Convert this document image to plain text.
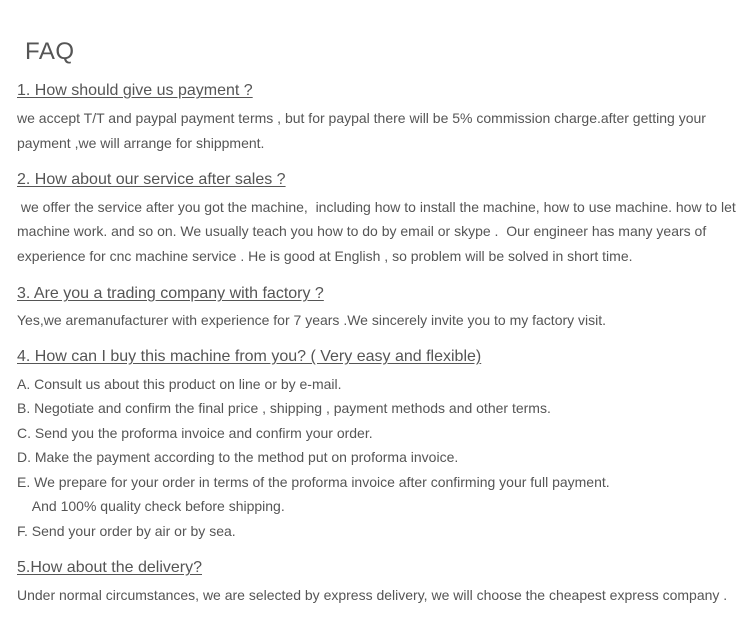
FAQ
1. How should give us payment ?
we accept T/T and paypal payment terms , but for paypal there will be 5% commission charge.after getting your
payment ,we will arrange for shippment.
2. How about our service after sales ?
we offer the service after you got the machine,  including how to install the machine, how to use machine. how to let
machine work. and so on. We usually teach you how to do by email or skype .  Our engineer has many years of
experience for cnc machine service . He is good at English , so problem will be solved in short time.
3. Are you a trading company with factory ?
Yes,we aremanufacturer with experience for 7 years .We sincerely invite you to my factory visit.
4. How can I buy this machine from you? ( Very easy and flexible)
A. Consult us about this product on line or by e-mail.
B. Negotiate and confirm the final price , shipping , payment methods and other terms.
C. Send you the proforma invoice and confirm your order.
D. Make the payment according to the method put on proforma invoice.
E. We prepare for your order in terms of the proforma invoice after confirming your full payment.
And 100% quality check before shipping.
F. Send your order by air or by sea.
5.How about the delivery?
Under normal circumstances, we are selected by express delivery, we will choose the cheapest express company .
